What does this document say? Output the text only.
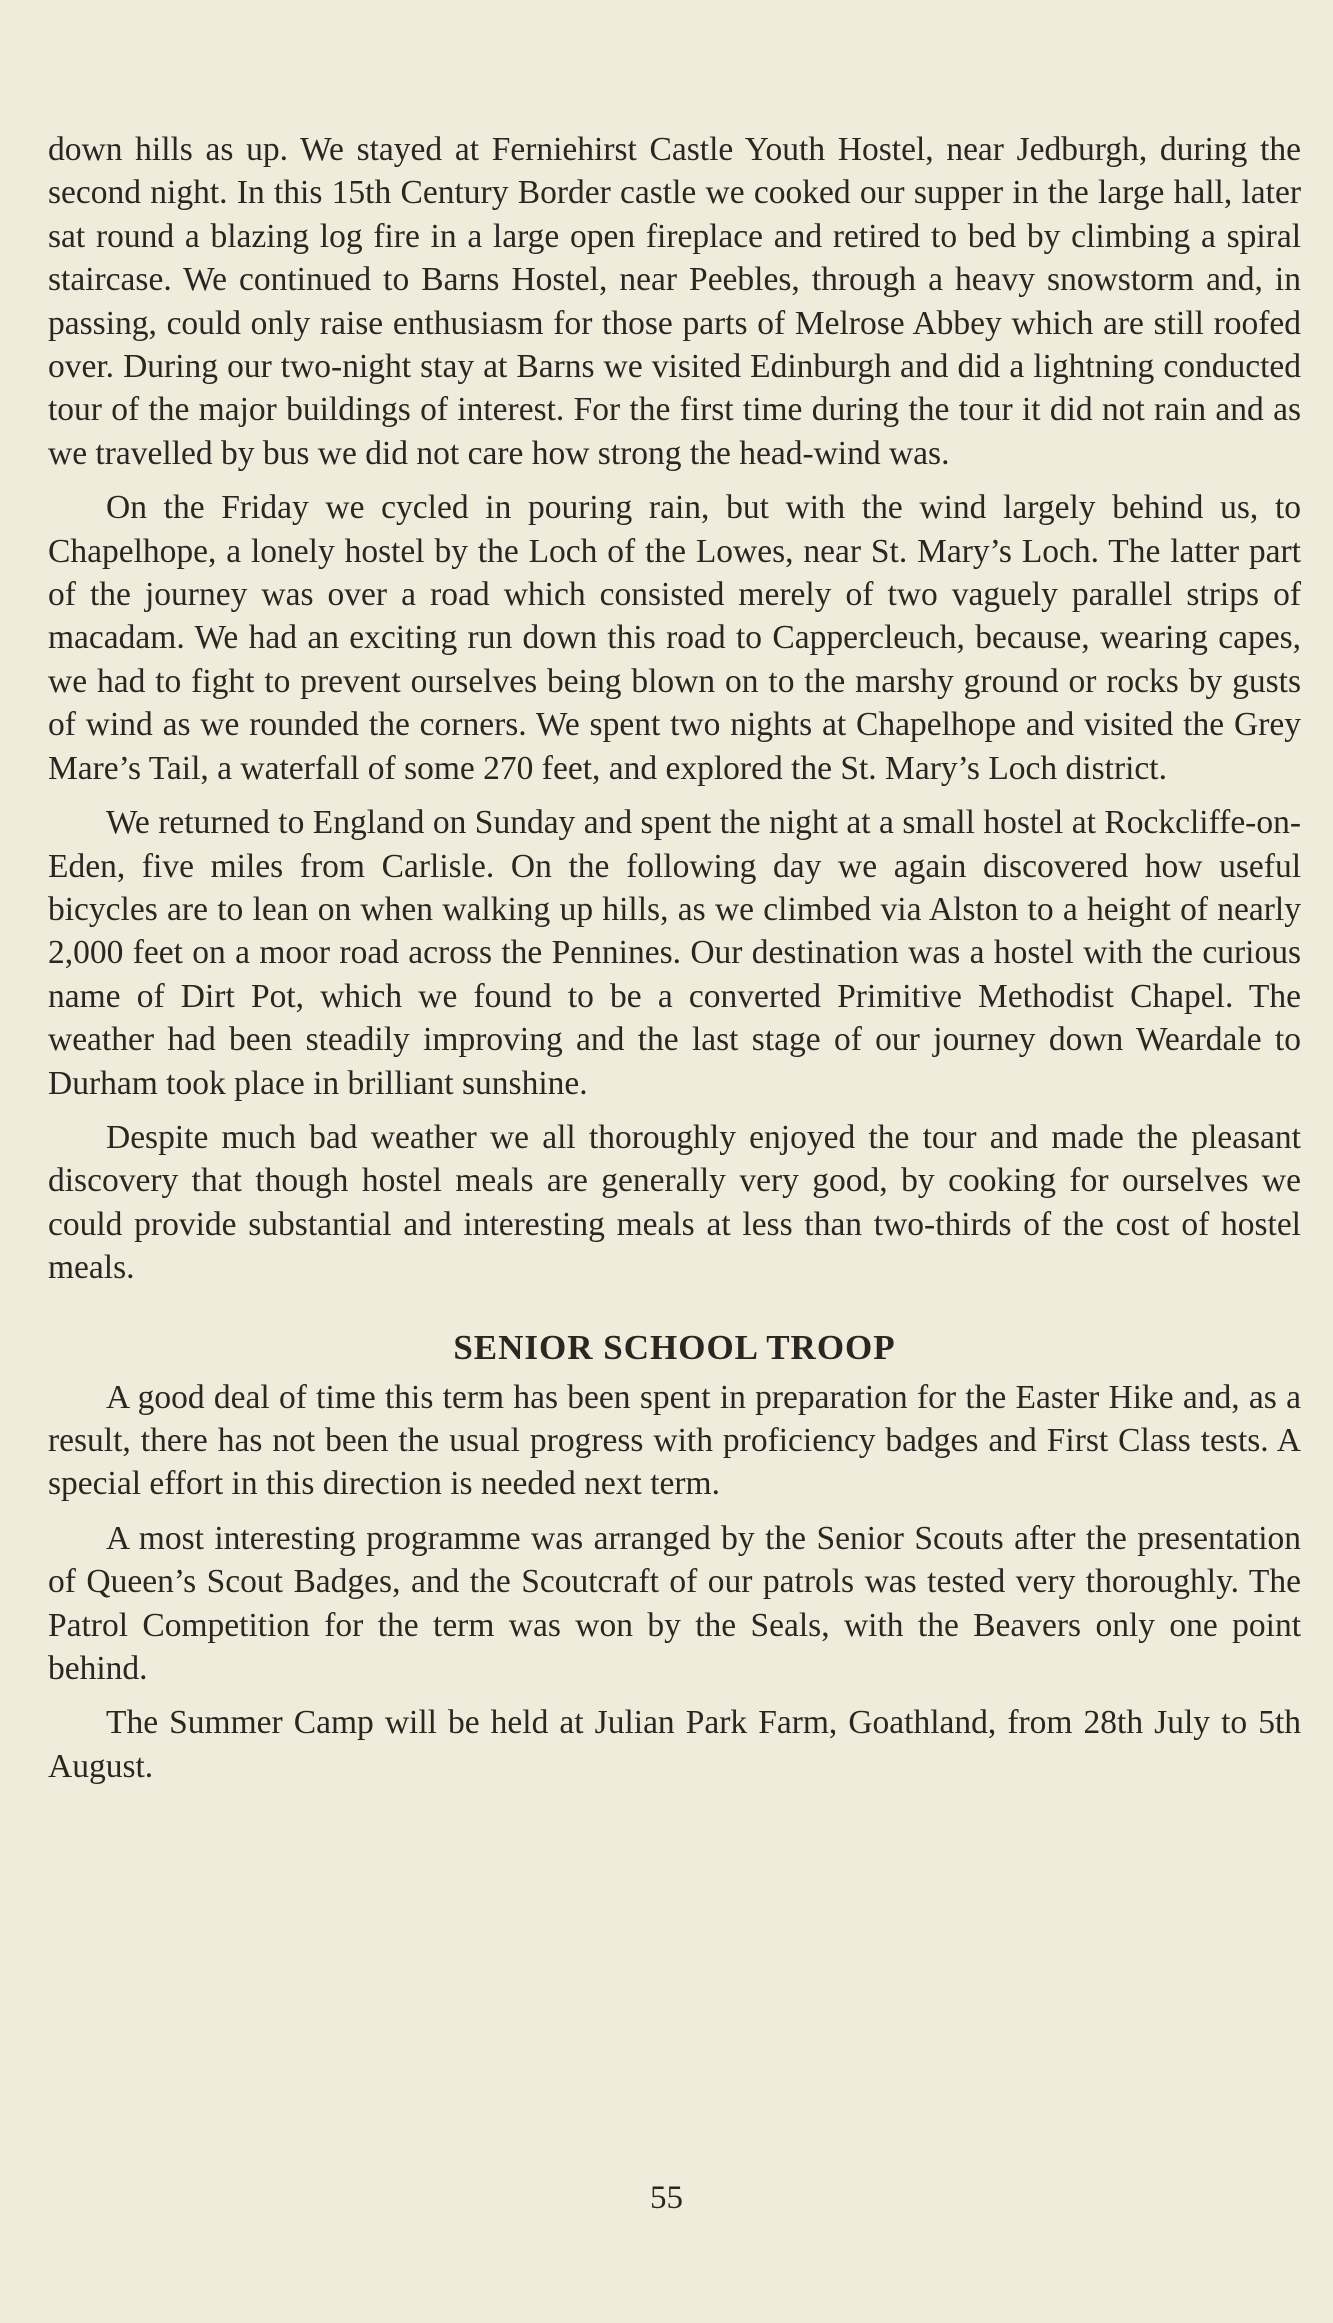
down hills as up. We stayed at Ferniehirst Castle Youth Hostel, near Jedburgh, during the second night. In this 15th Century Border castle we cooked our supper in the large hall, later sat round a blazing log fire in a large open fireplace and retired to bed by climbing a spiral staircase. We continued to Barns Hostel, near Peebles, through a heavy snowstorm and, in passing, could only raise enthusiasm for those parts of Melrose Abbey which are still roofed over. During our two-night stay at Barns we visited Edinburgh and did a lightning conducted tour of the major buildings of interest. For the first time during the tour it did not rain and as we travelled by bus we did not care how strong the head-wind was.

On the Friday we cycled in pouring rain, but with the wind largely behind us, to Chapelhope, a lonely hostel by the Loch of the Lowes, near St. Mary’s Loch. The latter part of the journey was over a road which consisted merely of two vaguely parallel strips of macadam. We had an exciting run down this road to Cappercleuch, because, wearing capes, we had to fight to prevent ourselves being blown on to the marshy ground or rocks by gusts of wind as we rounded the corners. We spent two nights at Chapelhope and visited the Grey Mare’s Tail, a waterfall of some 270 feet, and explored the St. Mary’s Loch district.

We returned to England on Sunday and spent the night at a small hostel at Rockcliffe-on-Eden, five miles from Carlisle. On the following day we again discovered how useful bicycles are to lean on when walking up hills, as we climbed via Alston to a height of nearly 2,000 feet on a moor road across the Pennines. Our destination was a hostel with the curious name of Dirt Pot, which we found to be a converted Primitive Methodist Chapel. The weather had been steadily improving and the last stage of our journey down Weardale to Durham took place in brilliant sunshine.

Despite much bad weather we all thoroughly enjoyed the tour and made the pleasant discovery that though hostel meals are generally very good, by cooking for ourselves we could provide substantial and interesting meals at less than two-thirds of the cost of hostel meals.

SENIOR SCHOOL TROOP

A good deal of time this term has been spent in preparation for the Easter Hike and, as a result, there has not been the usual progress with proficiency badges and First Class tests. A special effort in this direction is needed next term.

A most interesting programme was arranged by the Senior Scouts after the presentation of Queen’s Scout Badges, and the Scoutcraft of our patrols was tested very thoroughly. The Patrol Competition for the term was won by the Seals, with the Beavers only one point behind.

The Summer Camp will be held at Julian Park Farm, Goathland, from 28th July to 5th August.

55
